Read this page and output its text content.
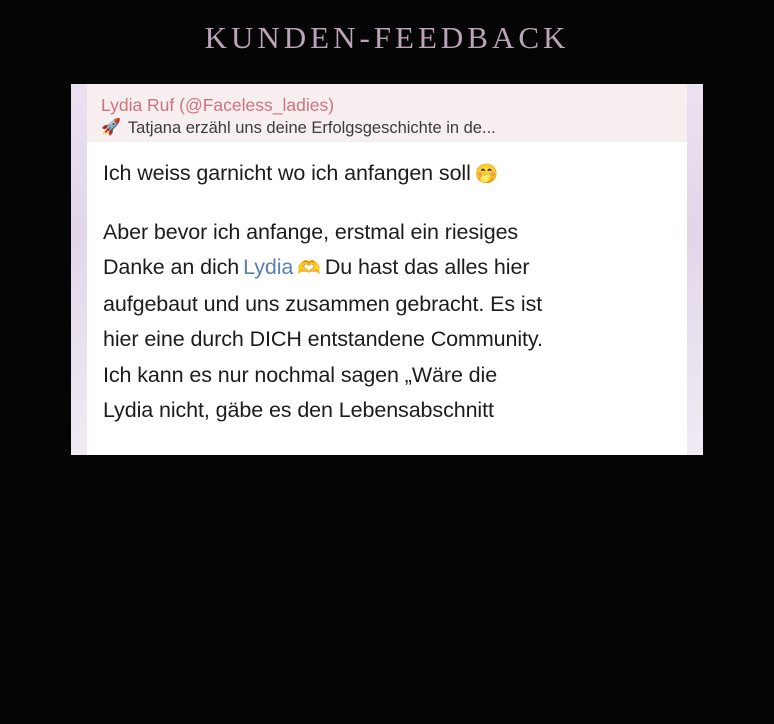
KUNDEN-FEEDBACK
Lydia Ruf (@Faceless_ladies)
🚀 Tatjana erzähl uns deine Erfolgsgeschichte in de...
Ich weiss garnicht wo ich anfangen soll 🤭
Aber bevor ich anfange, erstmal ein riesiges
Danke an dich Lydia 🫶 Du hast das alles hier
aufgebaut und uns zusammen gebracht. Es ist
hier eine durch DICH entstandene Community.
Ich kann es nur nochmal sagen „Wäre die
Lydia nicht, gäbe es den Lebensabschnitt
